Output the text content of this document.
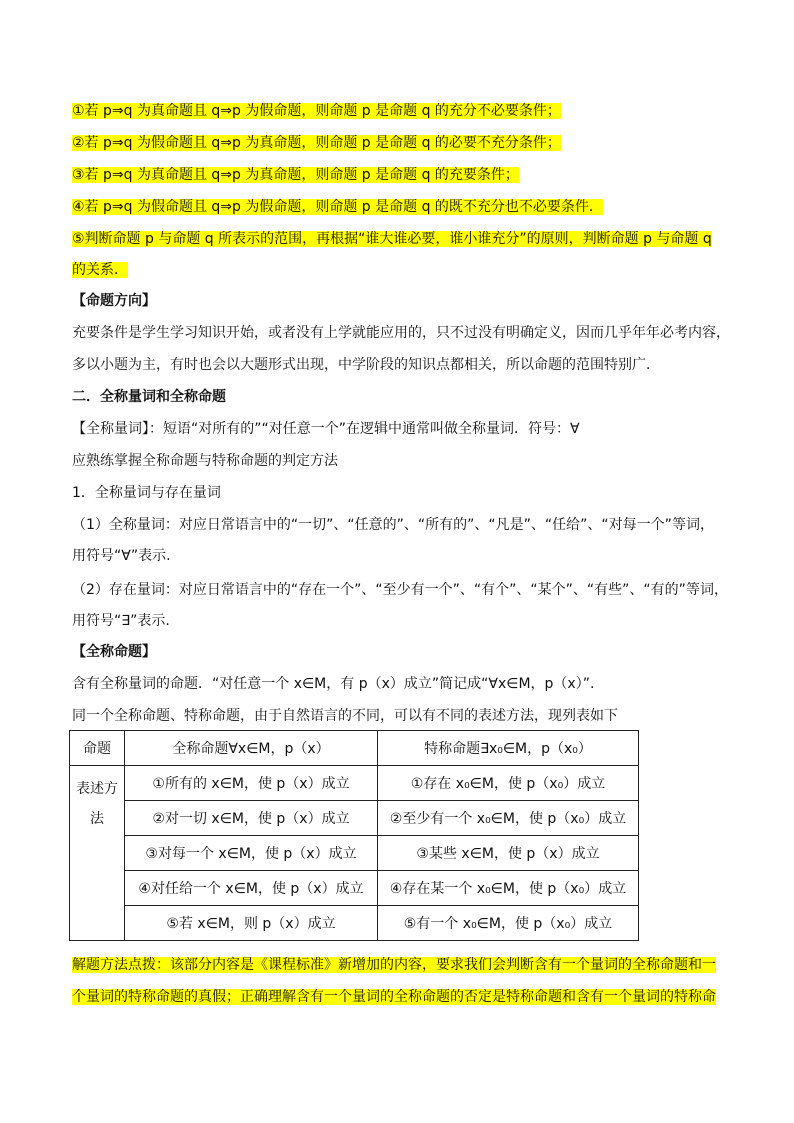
①若 p⇒q 为真命题且 q⇒p 为假命题，则命题 p 是命题 q 的充分不必要条件；
②若 p⇒q 为假命题且 q⇒p 为真命题，则命题 p 是命题 q 的必要不充分条件；
③若 p⇒q 为真命题且 q⇒p 为真命题，则命题 p 是命题 q 的充要条件；
④若 p⇒q 为假命题且 q⇒p 为假命题，则命题 p 是命题 q 的既不充分也不必要条件．
⑤判断命题 p 与命题 q 所表示的范围，再根据“谁大谁必要，谁小谁充分”的原则，判断命题 p 与命题 q
的关系．
【命题方向】
充要条件是学生学习知识开始，或者没有上学就能应用的，只不过没有明确定义，因而几乎年年必考内容，
多以小题为主，有时也会以大题形式出现，中学阶段的知识点都相关，所以命题的范围特别广．
二．全称量词和全称命题
【全称量词】：短语“对所有的”“对任意一个”在逻辑中通常叫做全称量词．符号：∀
应熟练掌握全称命题与特称命题的判定方法
1．全称量词与存在量词
（1）全称量词：对应日常语言中的“一切”、“任意的”、“所有的”、“凡是”、“任给”、“对每一个”等词，
用符号“∀”表示.
（2）存在量词：对应日常语言中的“存在一个”、“至少有一个”、“有个”、“某个”、“有些”、“有的”等词，
用符号“∃”表示.
【全称命题】
含有全称量词的命题．“对任意一个 x∈M，有 p（x）成立”简记成“∀x∈M，p（x）”.
同一个全称命题、特称命题，由于自然语言的不同，可以有不同的表述方法，现列表如下
命题	全称命题∀x∈M，p（x）	特称命题∃x₀∈M，p（x₀）
表述方法	①所有的 x∈M，使 p（x）成立	①存在 x₀∈M，使 p（x₀）成立
	②对一切 x∈M，使 p（x）成立	②至少有一个 x₀∈M，使 p（x₀）成立
	③对每一个 x∈M，使 p（x）成立	③某些 x∈M，使 p（x）成立
	④对任给一个 x∈M，使 p（x）成立	④存在某一个 x₀∈M，使 p（x₀）成立
	⑤若 x∈M，则 p（x）成立	⑤有一个 x₀∈M，使 p（x₀）成立
解题方法点拨：该部分内容是《课程标准》新增加的内容，要求我们会判断含有一个量词的全称命题和一
个量词的特称命题的真假；正确理解含有一个量词的全称命题的否定是特称命题和含有一个量词的特称命
